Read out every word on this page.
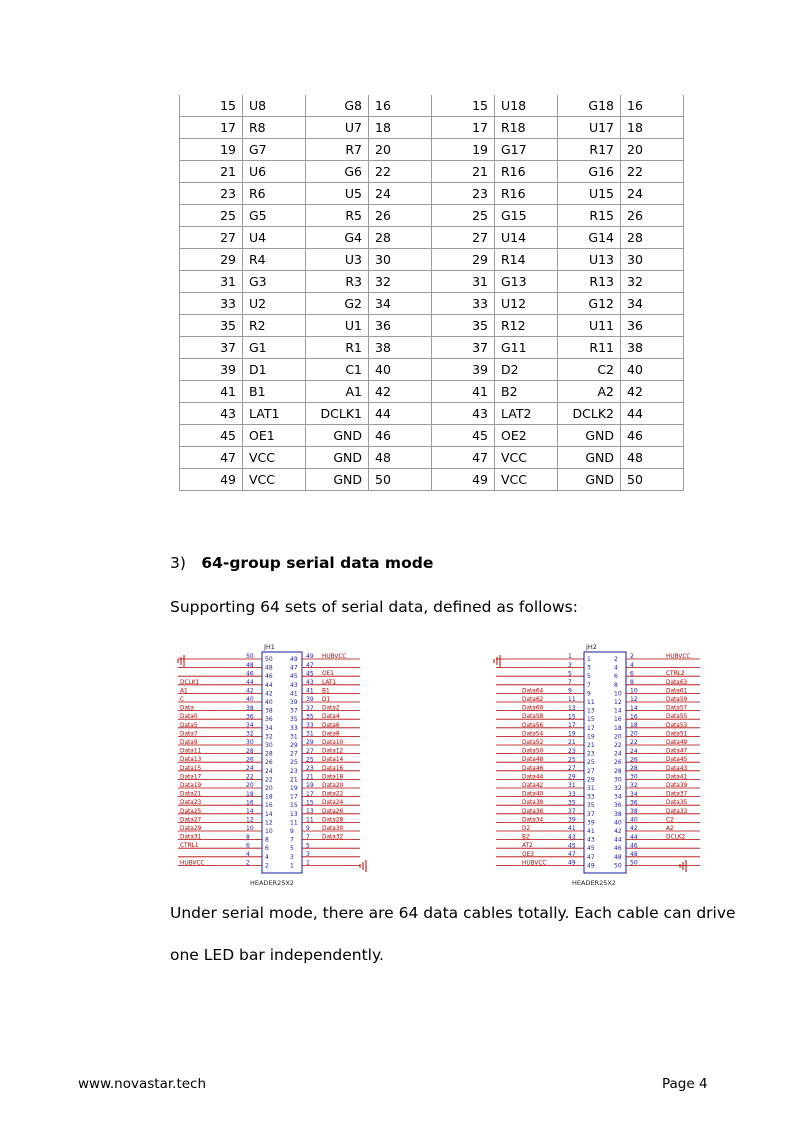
15	U8	G8	16	15	U18	G18	16
17	R8	U7	18	17	R18	U17	18
19	G7	R7	20	19	G17	R17	20
21	U6	G6	22	21	R16	G16	22
23	R6	U5	24	23	R16	U15	24
25	G5	R5	26	25	G15	R15	26
27	U4	G4	28	27	U14	G14	28
29	R4	U3	30	29	R14	U13	30
31	G3	R3	32	31	G13	R13	32
33	U2	G2	34	33	U12	G12	34
35	R2	U1	36	35	R12	U11	36
37	G1	R1	38	37	G11	R11	38
39	D1	C1	40	39	D2	C2	40
41	B1	A1	42	41	B2	A2	42
43	LAT1	DCLK1	44	43	LAT2	DCLK2	44
45	OE1	GND	46	45	OE2	GND	46
47	VCC	GND	48	47	VCC	GND	48
49	VCC	GND	50	49	VCC	GND	50
3) 64-group serial data mode

Supporting 64 sets of serial data, defined as follows:

JH1
HEADER25X2
50	49
50	49 HUBVCC
48	47
48	47
46	45
46	45 OE1
44	43
44
DCLK1	43 LAT1
42	41
42
A1	41 B1
40	39
40
C	39 D1
38	37
38
Data	37 Data2
36	35
36
Data0	35 Data4
34	33
34
Data5	33 Data6
32	31
32
Data7	31 Data8
30	29
30
Data9	29 Data10
28	27
28
Data11	27 Data12
26	25
26
Data13	25 Data14
24	23
24
Data15	23 Data16
22	21
22
Data17	21 Data18
20	19
20
Data19	19 Data20
18	17
18
Data21	17 Data22
16	15
16
Data23	15 Data24
14	13
14
Data25	13 Data26
12	11
12
Data27	11 Data28
10	9
10
Data29	9 Data30
8	7
8
Data31	7 Data32
6	5
6
CTRL1	5
4	3
4	3
2	1
2
HUBVCC	1
JH2
HEADER25X2
1	2
1	2	HUBVCC
3	4
3	4
5	6
5	6	CTRL2
7	8
7	8	Data63
9	10
9
Data64	10	Data61
11	12
11
Data62	12	Data59
13	14
13
Data60	14	Data57
15	16
15
Data58	16	Data55
17	18
17
Data56	18	Data53
19	20
19
Data54	20	Data51
21	22
21
Data52	22	Data49
23	24
23
Data50	24	Data47
25	26
25
Data48	26	Data45
27	28
27
Data46	28	Data43
29	30
29
Data44	30	Data41
31	32
31
Data42	32	Data39
33	34
33
Data40	34	Data37
35	36
35
Data38	36	Data35
37	38
37
Data36	38	Data33
39	40
39
Data34	40	C2
41	42
41
D2	42	A2
43	44
43
B2	44	DCLK2
45	46
45
AT2	46
47	48
47
OE3	48
49	50
49
HUBVCC	50

Under serial mode, there are 64 data cables totally. Each cable can drive

one LED bar independently.

www.novastar.tech	Page 4
